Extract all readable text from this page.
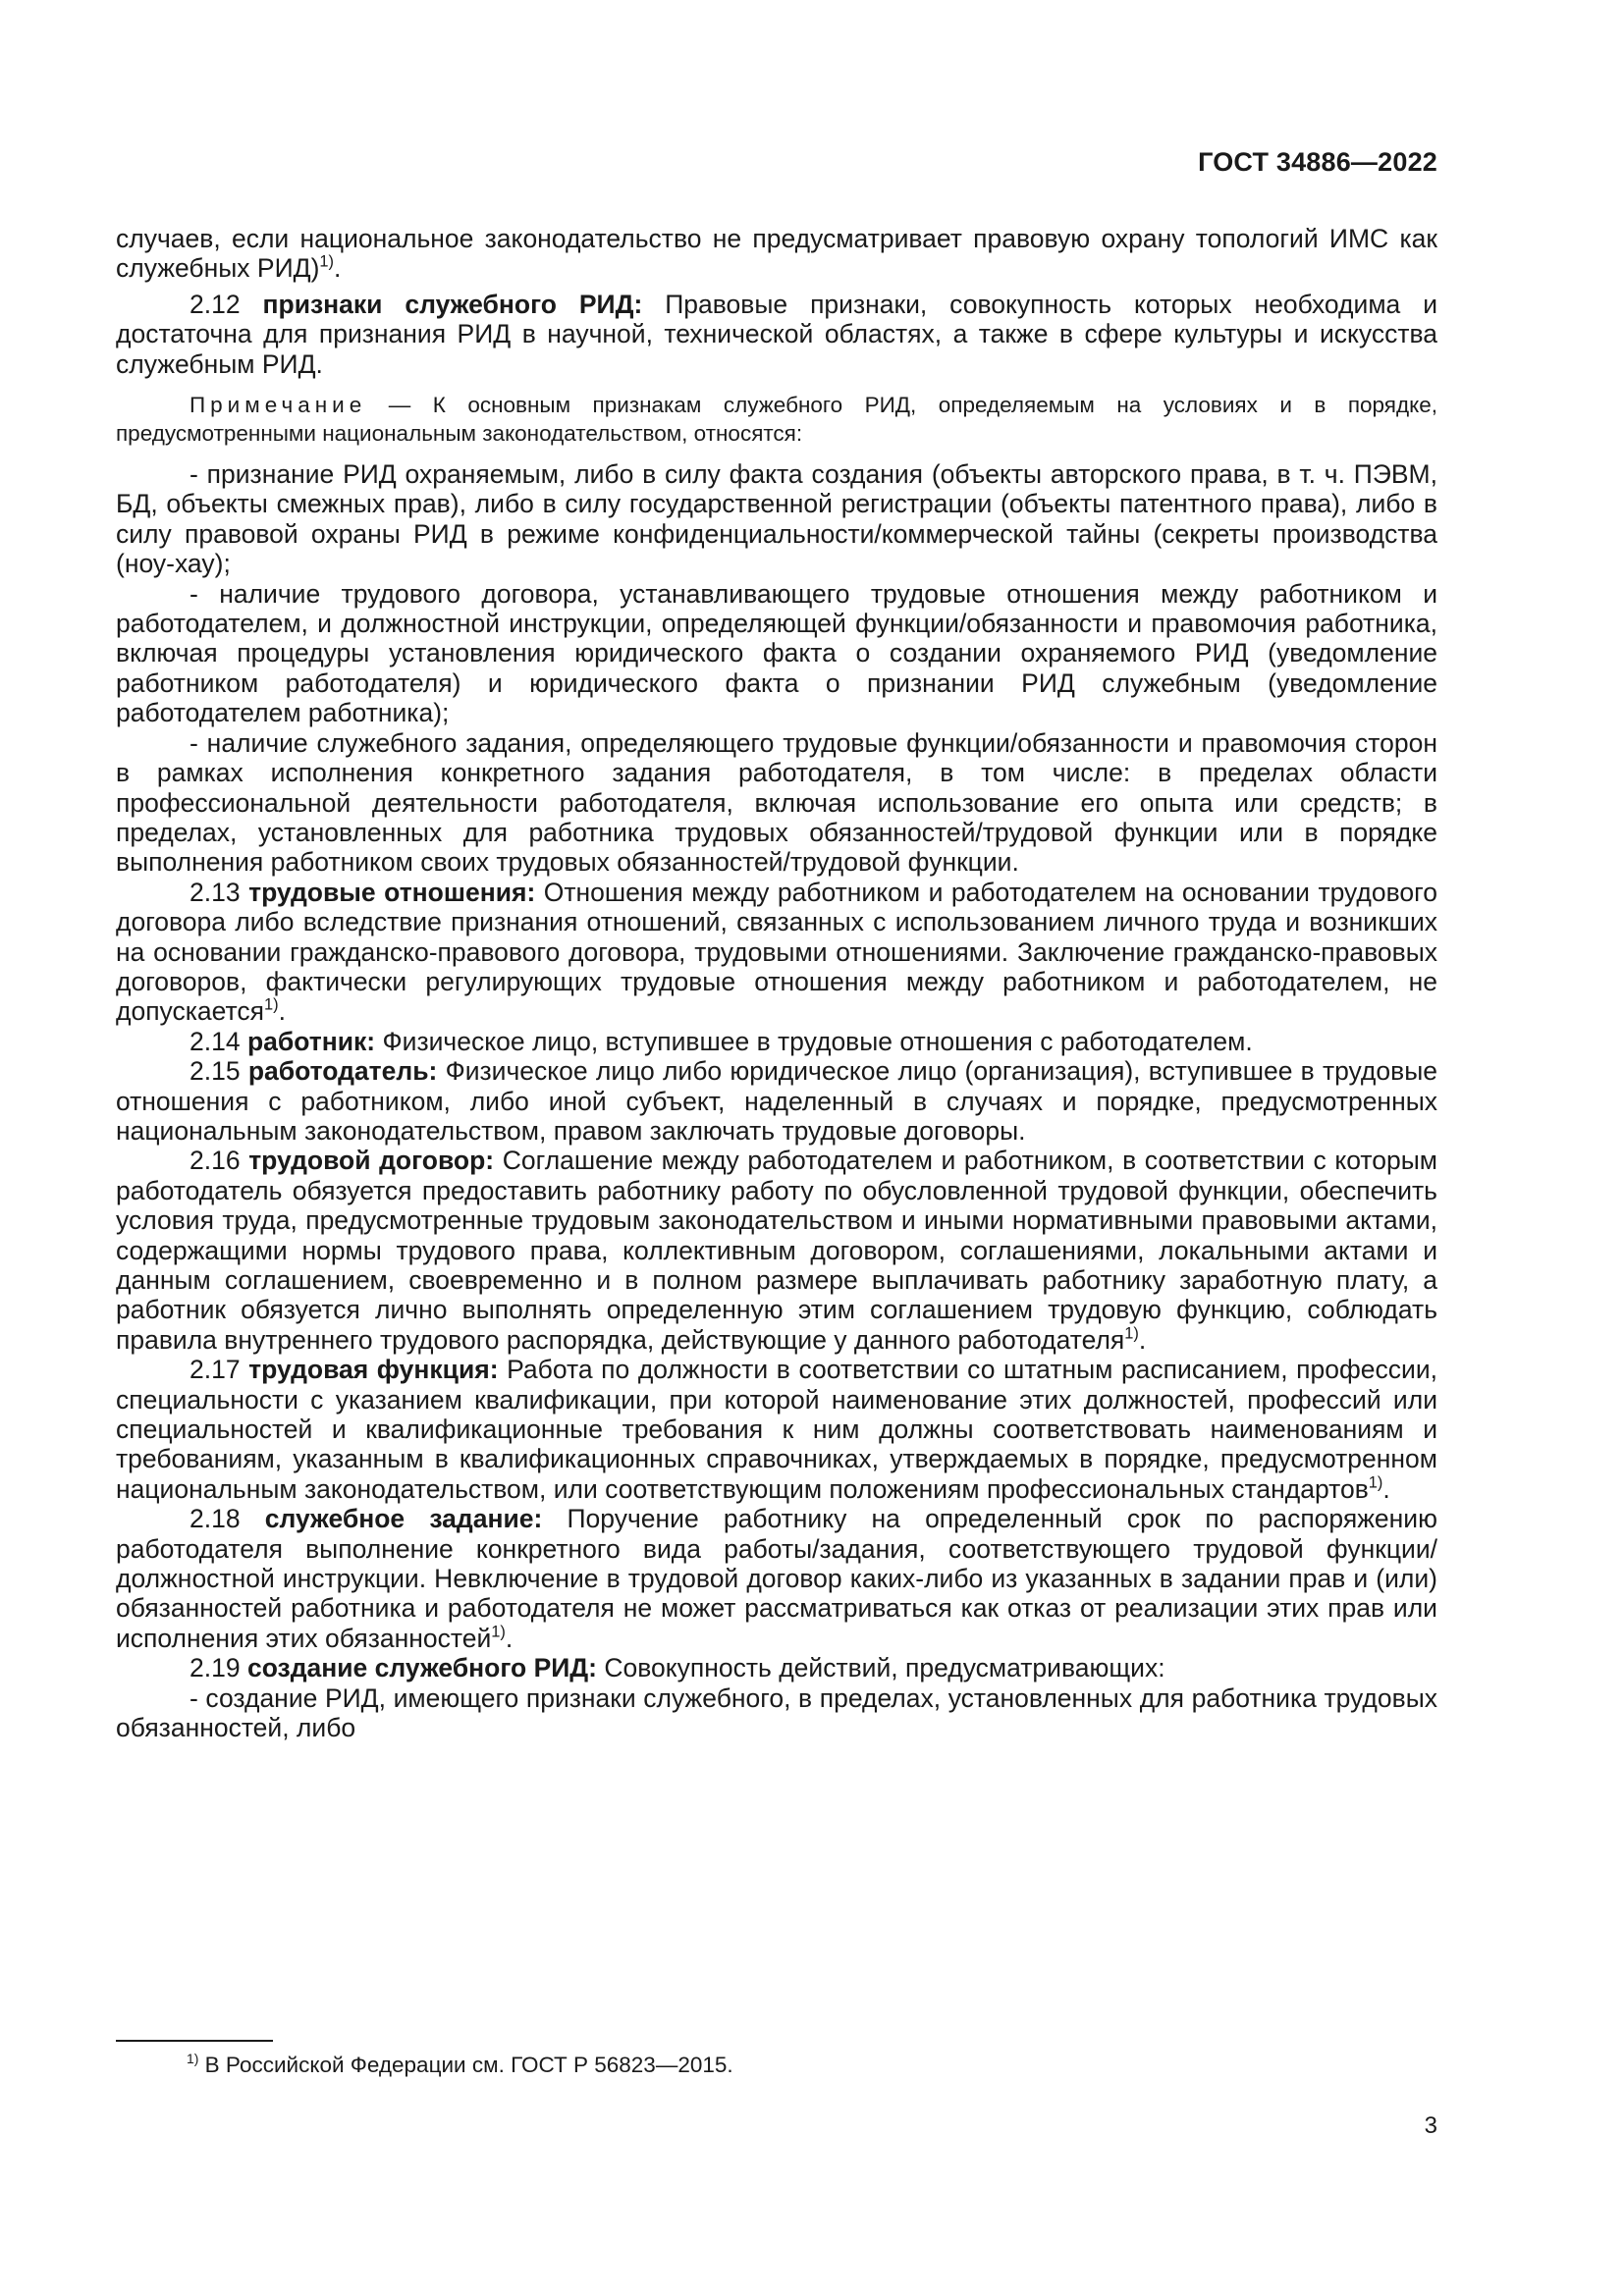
ГОСТ 34886—2022

случаев, если национальное законодательство не предусматривает правовую охрану топологий ИМС как служебных РИД)$^{1)}$.

2.12 признаки служебного РИД: Правовые признаки, совокупность которых необходима и достаточна для признания РИД в научной, технической областях, а также в сфере культуры и искусства служебным РИД.

Примечание — К основным признакам служебного РИД, определяемым на условиях и в порядке, предусмотренными национальным законодательством, относятся:

- признание РИД охраняемым, либо в силу факта создания (объекты авторского права, в т. ч. ПЭВМ, БД, объекты смежных прав), либо в силу государственной регистрации (объекты патентного права), либо в силу правовой охраны РИД в режиме конфиденциальности/коммерческой тайны (секреты производства (ноу-хау);

- наличие трудового договора, устанавливающего трудовые отношения между работником и работодателем, и должностной инструкции, определяющей функции/обязанности и правомочия работника, включая процедуры установления юридического факта о создании охраняемого РИД (уведомление работником работодателя) и юридического факта о признании РИД служебным (уведомление работодателем работника);

- наличие служебного задания, определяющего трудовые функции/обязанности и правомочия сторон в рамках исполнения конкретного задания работодателя, в том числе: в пределах области профессиональной деятельности работодателя, включая использование его опыта или средств; в пределах, установленных для работника трудовых обязанностей/трудовой функции или в порядке выполнения работником своих трудовых обязанностей/трудовой функции.

2.13 трудовые отношения: Отношения между работником и работодателем на основании трудового договора либо вследствие признания отношений, связанных с использованием личного труда и возникших на основании гражданско-правового договора, трудовыми отношениями. Заключение гражданско-правовых договоров, фактически регулирующих трудовые отношения между работником и работодателем, не допускается$^{1)}$.

2.14 работник: Физическое лицо, вступившее в трудовые отношения с работодателем.

2.15 работодатель: Физическое лицо либо юридическое лицо (организация), вступившее в трудовые отношения с работником, либо иной субъект, наделенный в случаях и порядке, предусмотренных национальным законодательством, правом заключать трудовые договоры.

2.16 трудовой договор: Соглашение между работодателем и работником, в соответствии с которым работодатель обязуется предоставить работнику работу по обусловленной трудовой функции, обеспечить условия труда, предусмотренные трудовым законодательством и иными нормативными правовыми актами, содержащими нормы трудового права, коллективным договором, соглашениями, локальными актами и данным соглашением, своевременно и в полном размере выплачивать работнику заработную плату, а работник обязуется лично выполнять определенную этим соглашением трудовую функцию, соблюдать правила внутреннего трудового распорядка, действующие у данного работодателя$^{1)}$.

2.17 трудовая функция: Работа по должности в соответствии со штатным расписанием, профессии, специальности с указанием квалификации, при которой наименование этих должностей, профессий или специальностей и квалификационные требования к ним должны соответствовать наименованиям и требованиям, указанным в квалификационных справочниках, утверждаемых в порядке, предусмотренном национальным законодательством, или соответствующим положениям профессиональных стандартов$^{1)}$.

2.18 служебное задание: Поручение работнику на определенный срок по распоряжению работодателя выполнение конкретного вида работы/задания, соответствующего трудовой функции/должностной инструкции. Невключение в трудовой договор каких-либо из указанных в задании прав и (или) обязанностей работника и работодателя не может рассматриваться как отказ от реализации этих прав или исполнения этих обязанностей$^{1)}$.

2.19 создание служебного РИД: Совокупность действий, предусматривающих:

- создание РИД, имеющего признаки служебного, в пределах, установленных для работника трудовых обязанностей, либо

$^{1)}$ В Российской Федерации см. ГОСТ Р 56823—2015.
3
